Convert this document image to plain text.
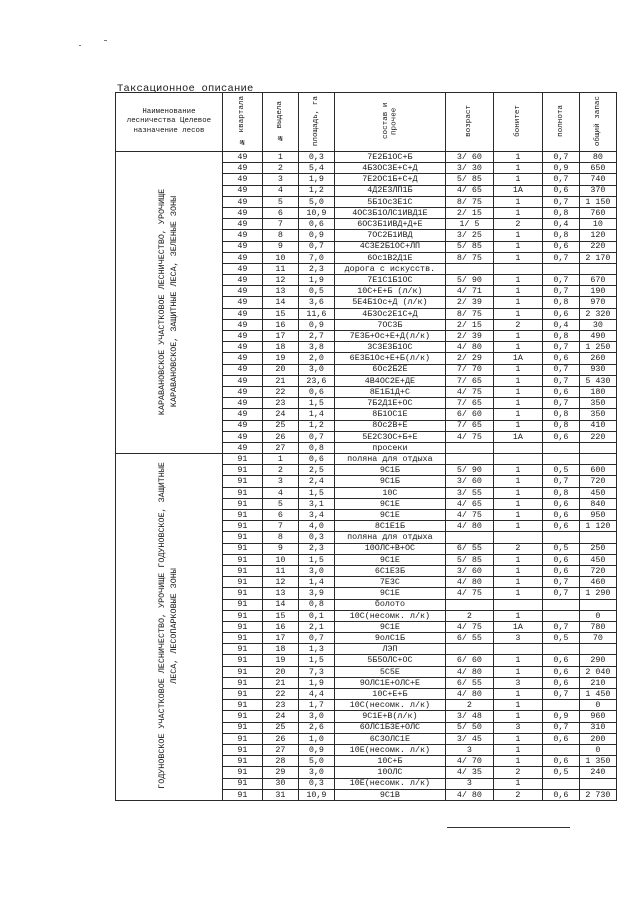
Таксационное описание
Наименование лесничества Целевое назначение лесов	№ квартала	№ выдела	площадь, га	состав и прочее	возраст	бонитет	полнота	общий запас
КАРАВАНОВСКОЕ УЧАСТКОВОЕ ЛЕСНИЧЕСТВО, УРОЧИЩЕ КАРАВАНОВСКОЕ, ЗАЩИТНЫЕ ЛЕСА, ЗЕЛЕНЫЕ ЗОНЫ	49	1	0,3	7Е2Б1ОС+Б	3/ 60	1	0,7	80
	49	2	5,4	4Б3ОС3Е+С+Д	3/ 30	1	0,9	650
	49	3	1,9	7Е2ОС1Б+С+Д	5/ 85	1	0,7	740
	49	4	1,2	4Д2Е3ЛП1Б	4/ 65	1А	0,6	370
	49	5	5,0	5Б1Ос3Е1С	8/ 75	1	0,7	1 150
	49	6	10,9	4ОС3Б1ОЛС1ИВД1Е	2/ 15	1	0,8	760
	49	7	0,6	6ОС3Б1ИВД+Д+Е	1/ 5	2	0,4	10
	49	8	0,9	7ОС2Б1ИВД	3/ 25	1	0,8	120
	49	9	0,7	4С3Е2Б1ОС+ЛП	5/ 85	1	0,6	220
	49	10	7,0	6Ос1В2Д1Е	8/ 75	1	0,7	2 170
	49	11	2,3	дорога с искусств.				
	49	12	1,9	7Е1С1Б1ОС	5/ 90	1	0,7	670
	49	13	0,5	10С+Е+Б (л/к)	4/ 71	1	0,7	190
	49	14	3,6	5Е4Б1Ос+Д (л/к)	2/ 39	1	0,8	970
	49	15	11,6	4Б3Ос2Е1С+Д	8/ 75	1	0,6	2 320
	49	16	0,9	7ОС3Б	2/ 15	2	0,4	30
	49	17	2,7	7Е3Б+Ос+Е+Д(л/к)	2/ 39	1	0,8	490
	49	18	3,8	3С3Е3Б1ОС	4/ 80	1	0,7	1 250
	49	19	2,0	6Е3Б1Ос+Е+Б(л/к)	2/ 29	1А	0,6	260
	49	20	3,0	6Ос2Б2Е	7/ 70	1	0,7	930
	49	21	23,6	4В4ОС2Е+ДЕ	7/ 65	1	0,7	5 430
	49	22	0,6	8Е1Б1Д+С	4/ 75	1	0,6	180
	49	23	1,5	7Б2Д1Е+ОС	7/ 65	1	0,7	350
	49	24	1,4	8Б1ОС1Е	6/ 60	1	0,8	350
	49	25	1,2	8Ос2В+Е	7/ 65	1	0,8	410
	49	26	0,7	5Е2С3ОС+Б+Е	4/ 75	1А	0,6	220
	49	27	0,8	просеки				
ГОДУНОВСКОЕ УЧАСТКОВОЕ ЛЕСНИЧЕСТВО, УРОЧИЩЕ ГОДУНОВСКОЕ, ЗАЩИТНЫЕ ЛЕСА, ЛЕСОПАРКОВЫЕ ЗОНЫ	91	1	0,6	поляна для отдыха				
	91	2	2,5	9С1Б	5/ 90	1	0,5	600
	91	3	2,4	9С1Б	3/ 60	1	0,7	720
	91	4	1,5	10С	3/ 55	1	0,8	450
	91	5	3,1	9С1Е	4/ 65	1	0,6	840
	91	6	3,4	9С1Е	4/ 75	1	0,6	950
	91	7	4,0	8С1Е1Б	4/ 80	1	0,6	1 120
	91	8	0,3	поляна для отдыха				
	91	9	2,3	10ОЛС+В+ОС	6/ 55	2	0,5	250
	91	10	1,5	9С1Е	5/ 85	1	0,6	450
	91	11	3,0	6С1Е3Б	3/ 60	1	0,6	720
	91	12	1,4	7Е3С	4/ 80	1	0,7	460
	91	13	3,9	9С1Е	4/ 75	1	0,7	1 290
	91	14	0,8	болото				
	91	15	0,1	10С(несомк. л/к)	2	1		0
	91	16	2,1	9С1Е	4/ 75	1А	0,7	780
	91	17	0,7	9олС1Б	6/ 55	3	0,5	70
	91	18	1,3	ЛЭП				
	91	19	1,5	5Б5ОЛС+ОС	6/ 60	1	0,6	290
	91	20	7,3	5С5Е	4/ 80	1	0,6	2 040
	91	21	1,9	9ОЛС1Е+ОЛС+Е	6/ 55	3	0,6	210
	91	22	4,4	10С+Е+Б	4/ 80	1	0,7	1 450
	91	23	1,7	10С(несомк. л/к)	2	1		0
	91	24	3,0	9С1Е+В(л/к)	3/ 48	1	0,9	960
	91	25	2,6	6ОЛС1Б3Е+ОЛС	5/ 50	3	0,7	310
	91	26	1,0	6С3ОЛС1Е	3/ 45	1	0,6	200
	91	27	0,9	10Е(несомк. л/к)	3	1		0
	91	28	5,0	10С+Б	4/ 70	1	0,6	1 350
	91	29	3,0	10ОЛС	4/ 35	2	0,5	240
	91	30	0,3	10Е(несомк. л/к)	3	1		
	91	31	10,9	9С1В	4/ 80	2	0,6	2 730
